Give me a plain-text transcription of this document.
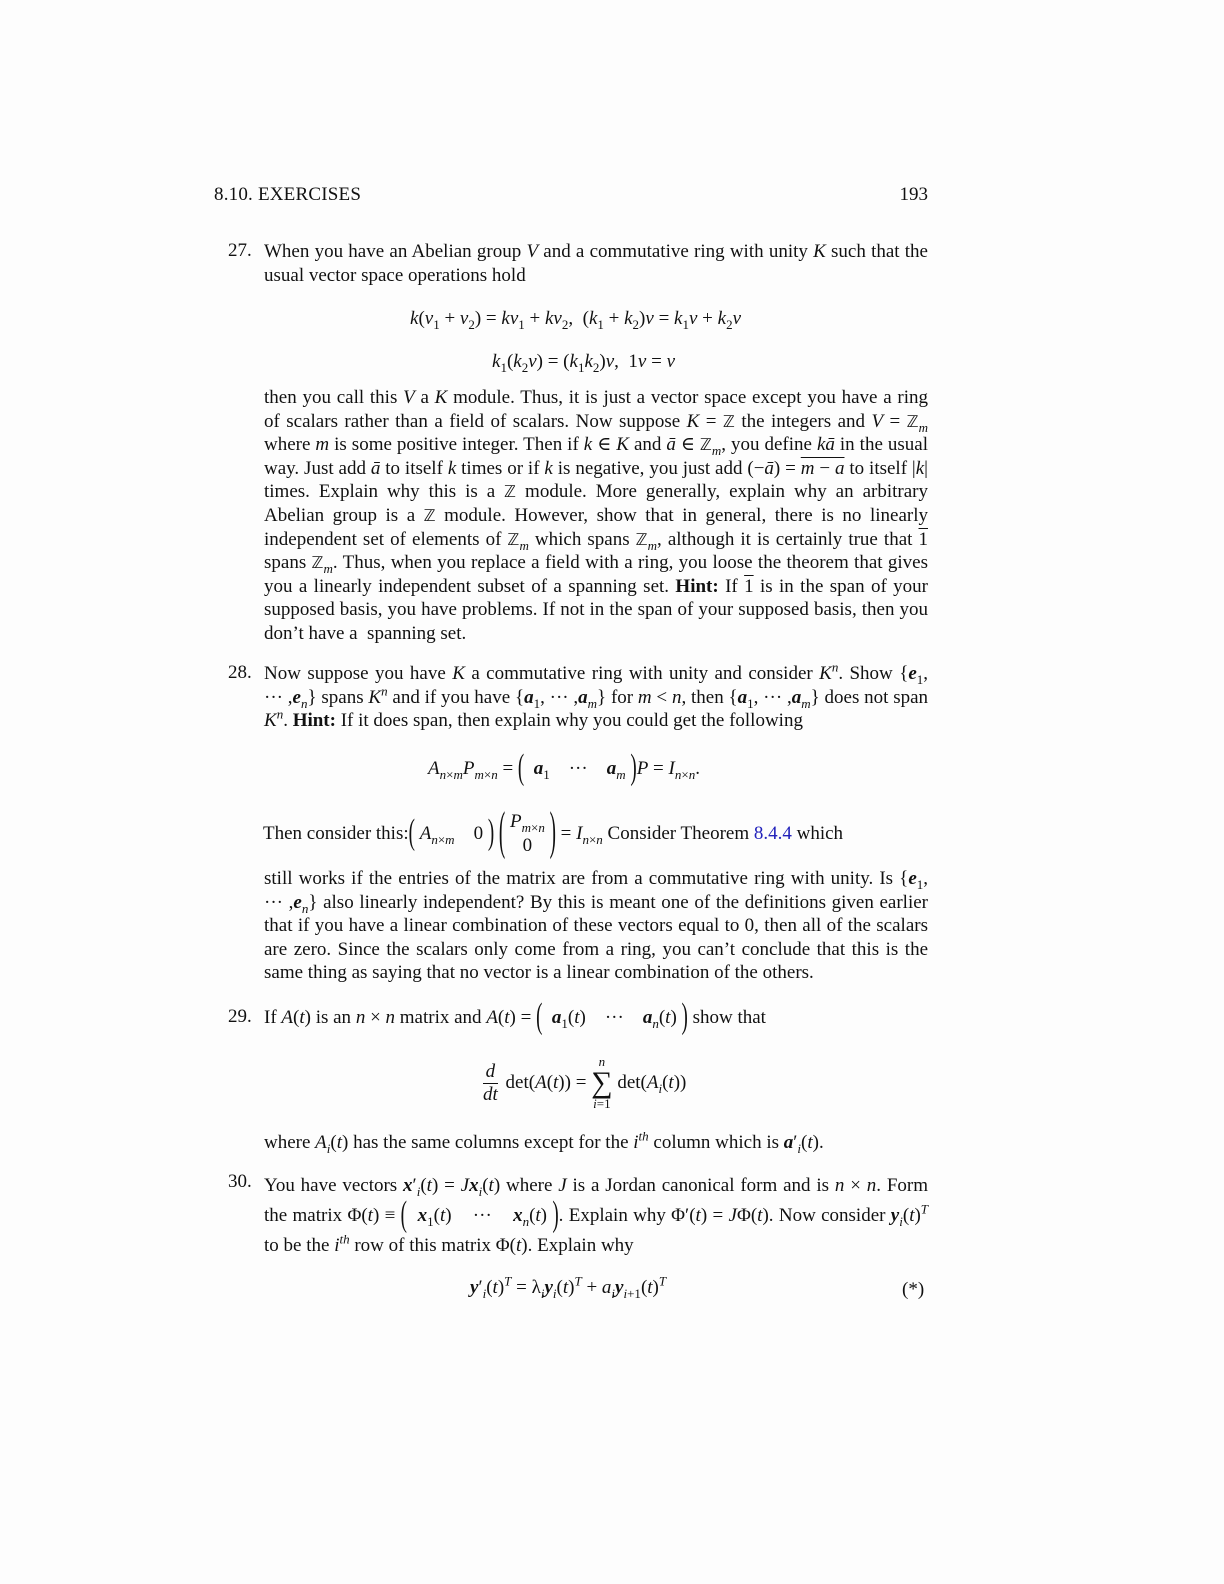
8.10. EXERCISES	193
27. When you have an Abelian group V and a commutative ring with unity K such that the usual vector space operations hold
$k(v_1 + v_2) = kv_1 + kv_2$,  $(k_1 + k_2)v = k_1v + k_2v$
$k_1(k_2v) = (k_1k_2)v$,  1v = v
then you call this V a K module. Thus, it is just a vector space except you have a ring of scalars rather than a field of scalars. Now suppose K = ℤ the integers and V = ℤ$_m$ where m is some positive integer. Then if k ∈ K and ā ∈ ℤ$_m$, you define kā in the usual way. Just add ā to itself k times or if k is negative, you just add (−ā) = m − a to itself |k| times. Explain why this is a ℤ module. More generally, explain why an arbitrary Abelian group is a ℤ module. However, show that in general, there is no linearly independent set of elements of ℤ$_m$ which spans ℤ$_m$, although it is certainly true that 1 spans ℤ$_m$. Thus, when you replace a field with a ring, you loose the theorem that gives you a linearly independent subset of a spanning set. Hint: If 1 is in the span of your supposed basis, you have problems. If not in the span of your supposed basis, then you don’t have a  spanning set.
28. Now suppose you have K a commutative ring with unity and consider $K^n$. Show {$e_1$, ··· $,e_n$} spans $K^n$ and if you have {$a_1$, ··· $,a_m$} for m < n, then {$a_1$, ··· $,a_m$} does not span $K^n$. Hint: If it does span, then explain why you could get the following
$A_{n\times m}P_{m\times n}$ = ( $a_1$    ···    $a_m$ )$P = I_{n\times n}$.
Then consider this:( $A_{n\times m}$    0 ) ( $P_{m\times n}$
0 ) = $I_{n\times n}$ Consider Theorem 8.4.4 which
still works if the entries of the matrix are from a commutative ring with unity. Is {$e_1$, ··· $,e_n$} also linearly independent? By this is meant one of the definitions given earlier that if you have a linear combination of these vectors equal to 0, then all of the scalars are zero. Since the scalars only come from a ring, you can’t conclude that this is the same thing as saying that no vector is a linear combination of the others.
29. If A(t) is an n × n matrix and A(t) = ( $a_1(t)$    ···    $a_n(t)$ ) show that
$\frac{d}{dt} \det(A(t))$ =
n
∑
i=1
$\det(A_i(t))$
where $A_i(t)$ has the same columns except for the $i^{th}$ column which is $a'_i(t)$.
30. You have vectors $x'_i(t) = Jx_i(t)$ where J is a Jordan canonical form and is n × n. Form the matrix Φ(t) ≡ ( $x_1(t)$    ···    $x_n(t)$ ). Explain why Φ′(t) = JΦ(t). Now consider $y_i(t)^T$ to be the $i^{th}$ row of this matrix Φ(t). Explain why
$y'_i(t)^T = \lambda_iy_i(t)^T + a_iy_{i+1}(t)^T$	(*)
